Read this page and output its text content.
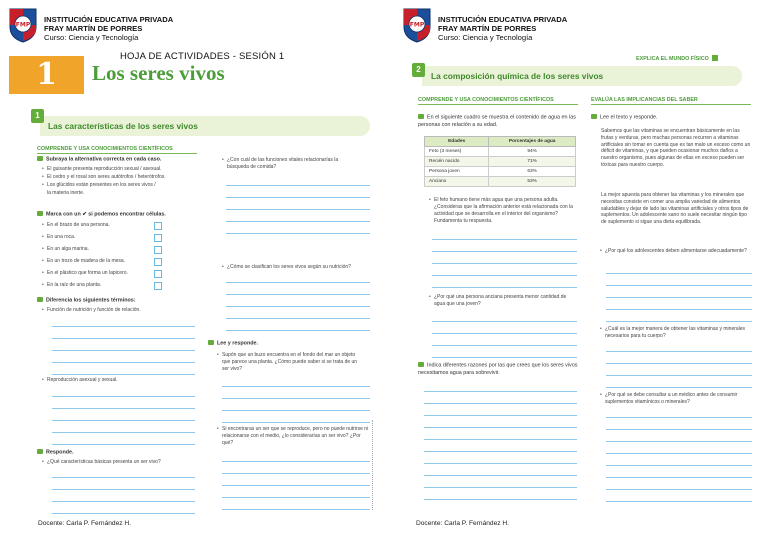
FMP
INSTITUCIÓN EDUCATIVA PRIVADA
FRAY MARTÍN DE PORRES
Curso: Ciencia y Tecnología
HOJA DE ACTIVIDADES - SESIÓN 1
1	Los seres vivos
1
Las características de los seres vivos
COMPRENDE Y USA CONOCIMIENTOS CIENTÍFICOS
Subraya la alternativa correcta en cada caso.
• El guisante presenta reproducción sexual / asexual.
• El cedro y el rosal son seres autótrofos / heterótrofos.
• Los glúcidos están presentes en los seres vivos /
la materia inerte.
Marca con un ✔ si podemos encontrar células.
• En el brazo de una persona.
• En una roca.
• En un alga marina.
• En un trozo de madera de la mesa.
• En el plástico que forma un lapicero.
• En la raíz de una planta.
Diferencia los siguientes términos:
• Función de nutrición y función de relación.
• Reproducción asexual y sexual.
Responde.
• ¿Qué características básicas presenta un ser vivo?
• ¿Con cuál de las funciones vitales relacionarías la búsqueda de comida?
• ¿Cómo se clasifican los seres vivos según su nutrición?
Lee y responde.
• Supón que un buzo encuentra en el fondo del mar un objeto que parece una planta. ¿Cómo puede saber si se trata de un ser vivo?
• Si encontraras un ser que se reproduce, pero no puede nutrirse ni relacionarse con el medio, ¿lo considerarías un ser vivo? ¿Por qué?
Docente: Carla P. Fernández H.
FMP
INSTITUCIÓN EDUCATIVA PRIVADA
FRAY MARTÍN DE PORRES
Curso: Ciencia y Tecnología
EXPLICA EL MUNDO FÍSICO
2
La composición química de los seres vivos
COMPRENDE Y USA CONOCIMIENTOS CIENTÍFICOS	EVALÚA LAS IMPLICANCIAS DEL SABER
En el siguiente cuadro se muestra el contenido de agua en las personas con relación a su edad.
Edades	Porcentajes de agua
Feto (3 meses)	94%
Recién nacido	71%
Persona joven	63%
Anciano	53%
• El feto humano tiene más agua que una persona adulta. ¿Consideras que la afirmación anterior está relacionada con la actividad que se desarrolla en el interior del organismo? Fundamenta tu respuesta.
• ¿Por qué una persona anciana presenta menor cantidad de agua que una joven?
Indica diferentes razones por las que crees que los seres vivos necesitamos agua para sobrevivir.
Lee el texto y responde.
Sabemos que las vitaminas se encuentran básicamente en las frutas y verduras, pero muchas personas recurren a vitaminas artificiales sin tomar en cuenta que es tan malo un exceso como un déficit de vitaminas, y que pueden ocasionar muchos daños a nuestro organismo, pues algunas de ellas en exceso pueden ser tóxicas para nuestro cuerpo.
La mejor apuesta para obtener las vitaminas y los minerales que necesitas consiste en comer una amplia variedad de alimentos saludables y dejar de lado las vitaminas artificiales y otros tipos de suplementos. Un adolescente sano no suele necesitar ningún tipo de suplemento si sigue una dieta equilibrada.
• ¿Por qué los adolescentes deben alimentarse adecuadamente?
• ¿Cuál es la mejor manera de obtener las vitaminas y minerales necesarios para tu cuerpo?
• ¿Por qué se debe consultar a un médico antes de consumir suplementos vitamínicos o minerales?
Docente: Carla P. Fernández H.
